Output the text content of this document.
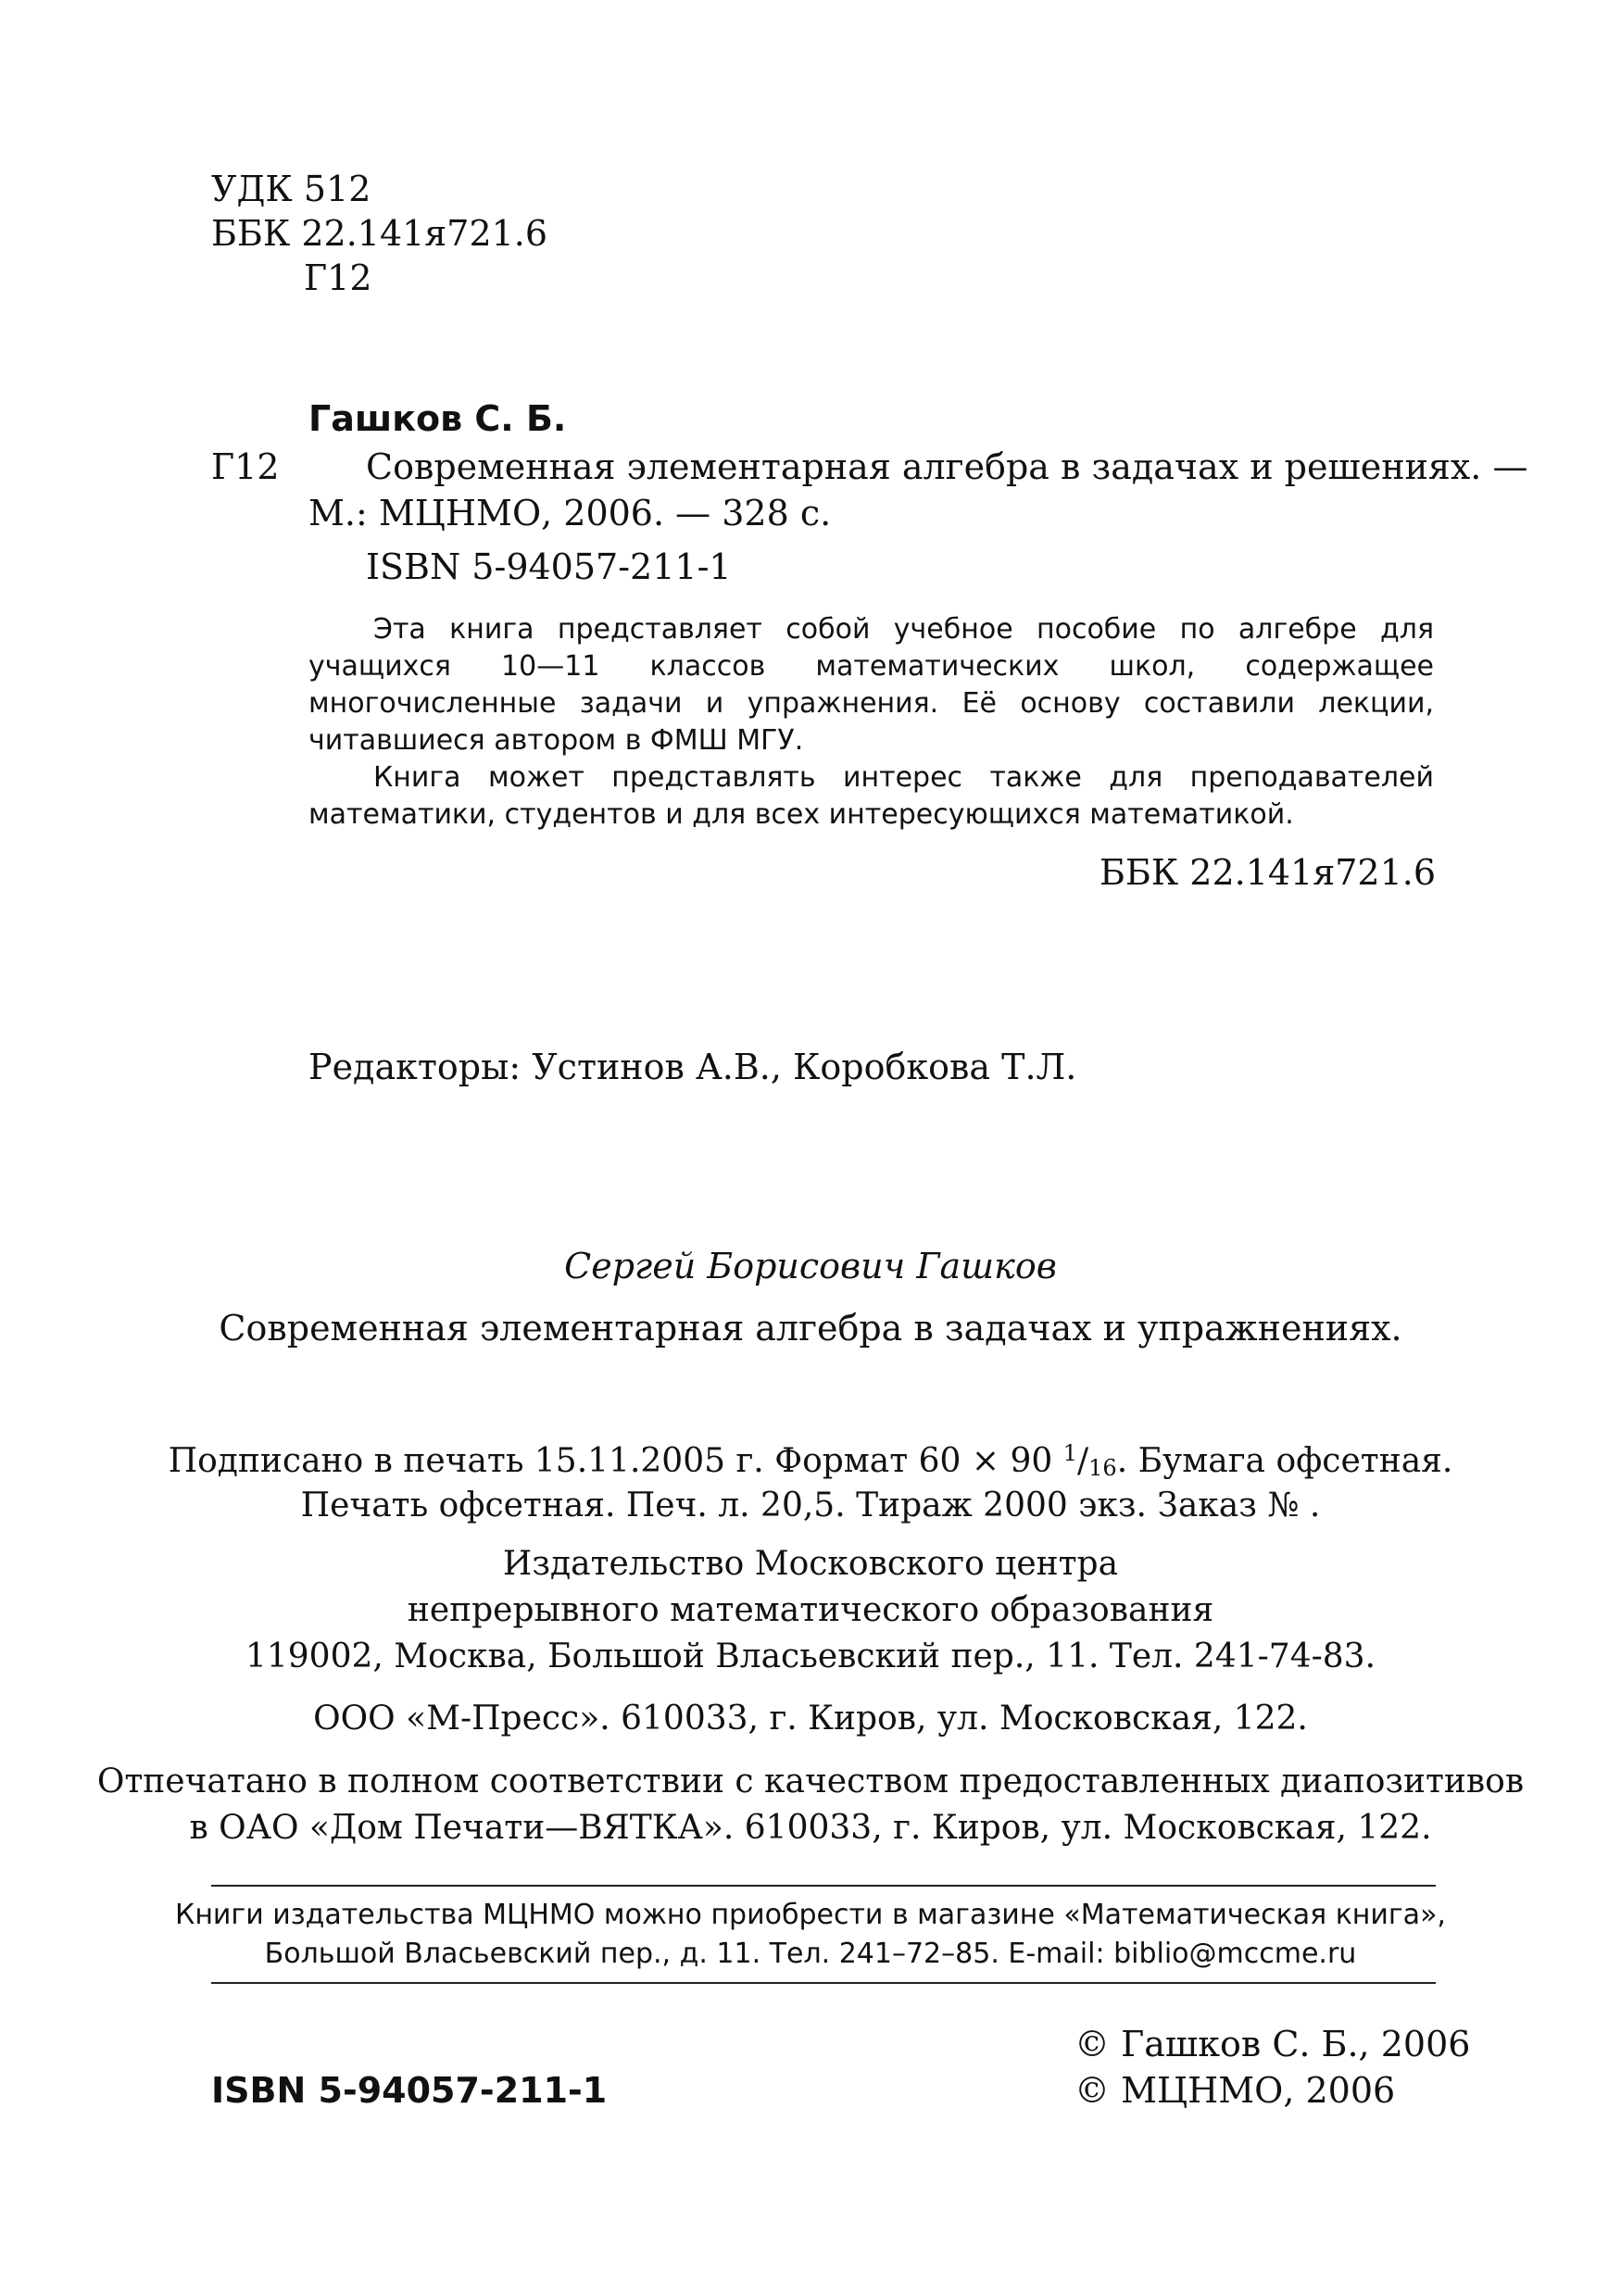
УДК 512
ББК 22.141я721.6
Г12
Гашков С. Б.
Г12 Современная элементарная алгебра в задачах и решениях. —
М.: МЦНМО, 2006. — 328 с.
ISBN 5-94057-211-1

Эта книга представляет собой учебное пособие по алгебре для учащихся 10—11 классов математических школ, содержащее многочисленные задачи и упражнения. Её основу составили лекции, читавшиеся автором в ФМШ МГУ.

Книга может представлять интерес также для преподавателей математики, студентов и для всех интересующихся математикой.

ББК 22.141я721.6
Редакторы: Устинов А.В., Коробкова Т.Л.
Сергей Борисович Гашков
Современная элементарная алгебра в задачах и упражнениях.
Подписано в печать 15.11.2005 г. Формат 60 × 90 $^1/_{16}$. Бумага офсетная.
Печать офсетная. Печ. л. 20,5. Тираж 2000 экз. Заказ № .
Издательство Московского центра
непрерывного математического образования
119002, Москва, Большой Власьевский пер., 11. Тел. 241-74-83.
ООО «М-Пресс». 610033, г. Киров, ул. Московская, 122.
Отпечатано в полном соответствии с качеством предоставленных диапозитивов
в ОАО «Дом Печати—ВЯТКА». 610033, г. Киров, ул. Московская, 122.
Книги издательства МЦНМО можно приобрести в магазине «Математическая книга»,
Большой Власьевский пер., д. 11. Тел. 241–72–85. E-mail: biblio@mccme.ru
© Гашков С. Б., 2006
ISBN 5-94057-211-1	© МЦНМО, 2006
